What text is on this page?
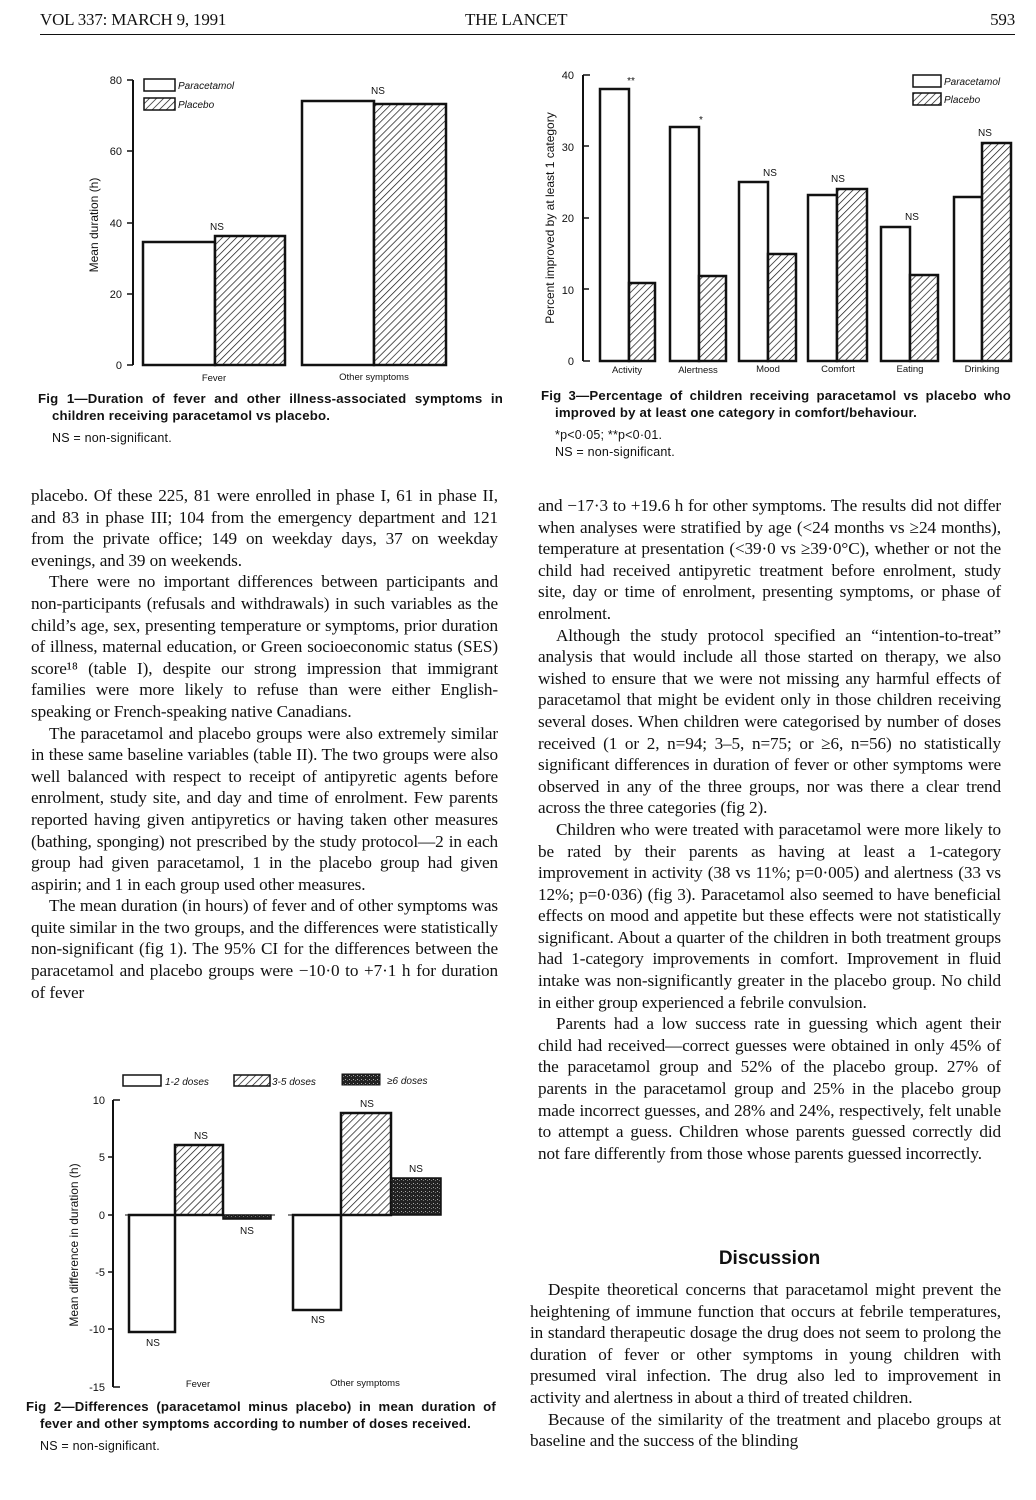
VOL 337: MARCH 9, 1991	THE LANCET	593
0
20
40
60
80
Mean duration (h)
Paracetamol
Placebo
NS
NS
Fever	Other symptoms
Fig 1—Duration of fever and other illness-associated symptoms in children receiving paracetamol vs placebo.
NS = non-significant.
0
10
20
30
40
Percent improved by at least 1 category
Paracetamol
Placebo
**
*
NS
NS
NS
NS
Activity	Alertness	Mood	Comfort	Eating	Drinking
Fig 3—Percentage of children receiving paracetamol vs placebo who improved by at least one category in comfort/behaviour.
*p<0·05; **p<0·01.
NS = non-significant.

placebo. Of these 225, 81 were enrolled in phase I, 61 in phase II, and 83 in phase III; 104 from the emergency department and 121 from the private office; 149 on weekday days, 37 on weekday evenings, and 39 on weekends.

There were no important differences between participants and non-participants (refusals and withdrawals) in such variables as the child’s age, sex, presenting temperature or symptoms, prior duration of illness, maternal education, or Green socioeconomic status (SES) score¹⁸ (table I), despite our strong impression that immigrant families were more likely to refuse than were either English-speaking or French-speaking native Canadians.

The paracetamol and placebo groups were also extremely similar in these same baseline variables (table II). The two groups were also well balanced with respect to receipt of antipyretic agents before enrolment, study site, and day and time of enrolment. Few parents reported having given antipyretics or having taken other measures (bathing, sponging) not prescribed by the study protocol—2 in each group had given paracetamol, 1 in the placebo group had given aspirin; and 1 in each group used other measures.

The mean duration (in hours) of fever and of other symptoms was quite similar in the two groups, and the differences were statistically non-significant (fig 1). The 95% CI for the differences between the paracetamol and placebo groups were −10·0 to +7·1 h for duration of fever

-15
-10
-5
0
5
10
Mean difference in duration (h)
1-2 doses	3-5 doses	≥6 doses
NS
NS
NS
NS
NS
NS
Fever	Other symptoms
Fig 2—Differences (paracetamol minus placebo) in mean duration of fever and other symptoms according to number of doses received.
NS = non-significant.

and −17·3 to +19.6 h for other symptoms. The results did not differ when analyses were stratified by age (<24 months vs ≥24 months), temperature at presentation (<39·0 vs ≥39·0°C), whether or not the child had received antipyretic treatment before enrolment, study site, day or time of enrolment, presenting symptoms, or phase of enrolment.

Although the study protocol specified an “intention-to-treat” analysis that would include all those started on therapy, we also wished to ensure that we were not missing any harmful effects of paracetamol that might be evident only in those children receiving several doses. When children were categorised by number of doses received (1 or 2, n=94; 3–5, n=75; or ≥6, n=56) no statistically significant differences in duration of fever or other symptoms were observed in any of the three groups, nor was there a clear trend across the three categories (fig 2).

Children who were treated with paracetamol were more likely to be rated by their parents as having at least a 1-category improvement in activity (38 vs 11%; p=0·005) and alertness (33 vs 12%; p=0·036) (fig 3). Paracetamol also seemed to have beneficial effects on mood and appetite but these effects were not statistically significant. About a quarter of the children in both treatment groups had 1-category improvements in comfort. Improvement in fluid intake was non-significantly greater in the placebo group. No child in either group experienced a febrile convulsion.

Parents had a low success rate in guessing which agent their child had received—correct guesses were obtained in only 45% of the paracetamol group and 52% of the placebo group. 27% of parents in the paracetamol group and 25% in the placebo group made incorrect guesses, and 28% and 24%, respectively, felt unable to attempt a guess. Children whose parents guessed correctly did not fare differently from those whose parents guessed incorrectly.

Discussion

Despite theoretical concerns that paracetamol might prevent the heightening of immune function that occurs at febrile temperatures, in standard therapeutic dosage the drug does not seem to prolong the duration of fever or other symptoms in young children with presumed viral infection. The drug also led to improvement in activity and alertness in about a third of treated children.

Because of the similarity of the treatment and placebo groups at baseline and the success of the blinding
